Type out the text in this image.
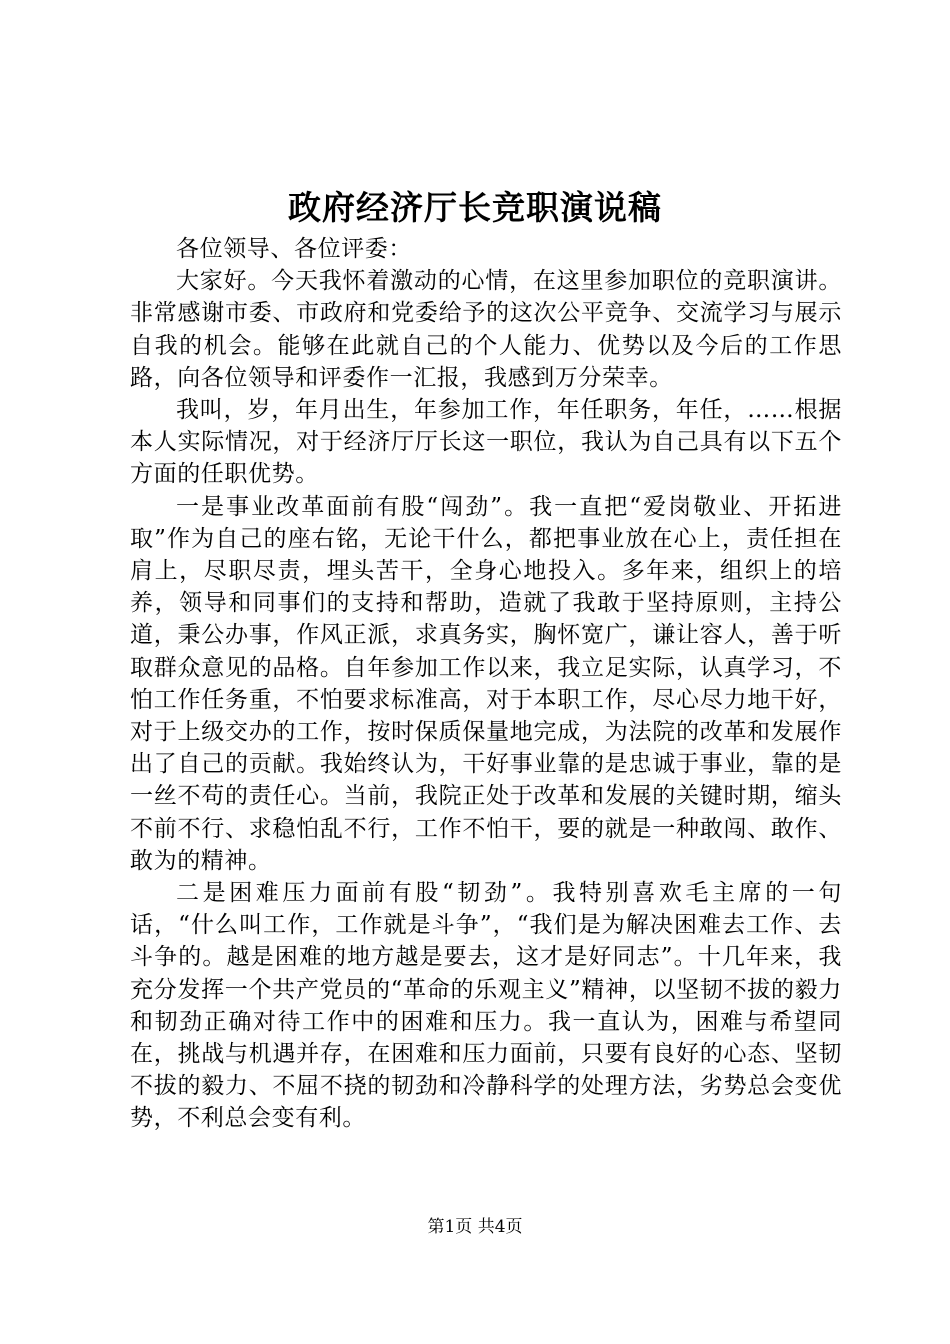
政府经济厅长竞职演说稿

各位领导、各位评委：

大家好。今天我怀着激动的心情，在这里参加职位的竞职演讲。非常感谢市委、市政府和党委给予的这次公平竞争、交流学习与展示自我的机会。能够在此就自己的个人能力、优势以及今后的工作思路，向各位领导和评委作一汇报，我感到万分荣幸。

我叫，岁，年月出生，年参加工作，年任职务，年任，……根据本人实际情况，对于经济厅厅长这一职位，我认为自己具有以下五个方面的任职优势。

一是事业改革面前有股“闯劲”。我一直把“爱岗敬业、开拓进取”作为自己的座右铭，无论干什么，都把事业放在心上，责任担在肩上，尽职尽责，埋头苦干，全身心地投入。多年来，组织上的培养，领导和同事们的支持和帮助，造就了我敢于坚持原则，主持公道，秉公办事，作风正派，求真务实，胸怀宽广，谦让容人，善于听取群众意见的品格。自年参加工作以来，我立足实际，认真学习，不怕工作任务重，不怕要求标准高，对于本职工作，尽心尽力地干好，对于上级交办的工作，按时保质保量地完成，为法院的改革和发展作出了自己的贡献。我始终认为，干好事业靠的是忠诚于事业，靠的是一丝不苟的责任心。当前，我院正处于改革和发展的关键时期，缩头不前不行、求稳怕乱不行，工作不怕干，要的就是一种敢闯、敢作、敢为的精神。

二是困难压力面前有股“韧劲”。我特别喜欢毛主席的一句话，“什么叫工作，工作就是斗争”，“我们是为解决困难去工作、去斗争的。越是困难的地方越是要去，这才是好同志”。十几年来，我充分发挥一个共产党员的“革命的乐观主义”精神，以坚韧不拔的毅力和韧劲正确对待工作中的困难和压力。我一直认为，困难与希望同在，挑战与机遇并存，在困难和压力面前，只要有良好的心态、坚韧不拔的毅力、不屈不挠的韧劲和冷静科学的处理方法，劣势总会变优势，不利总会变有利。

第1页 共4页
